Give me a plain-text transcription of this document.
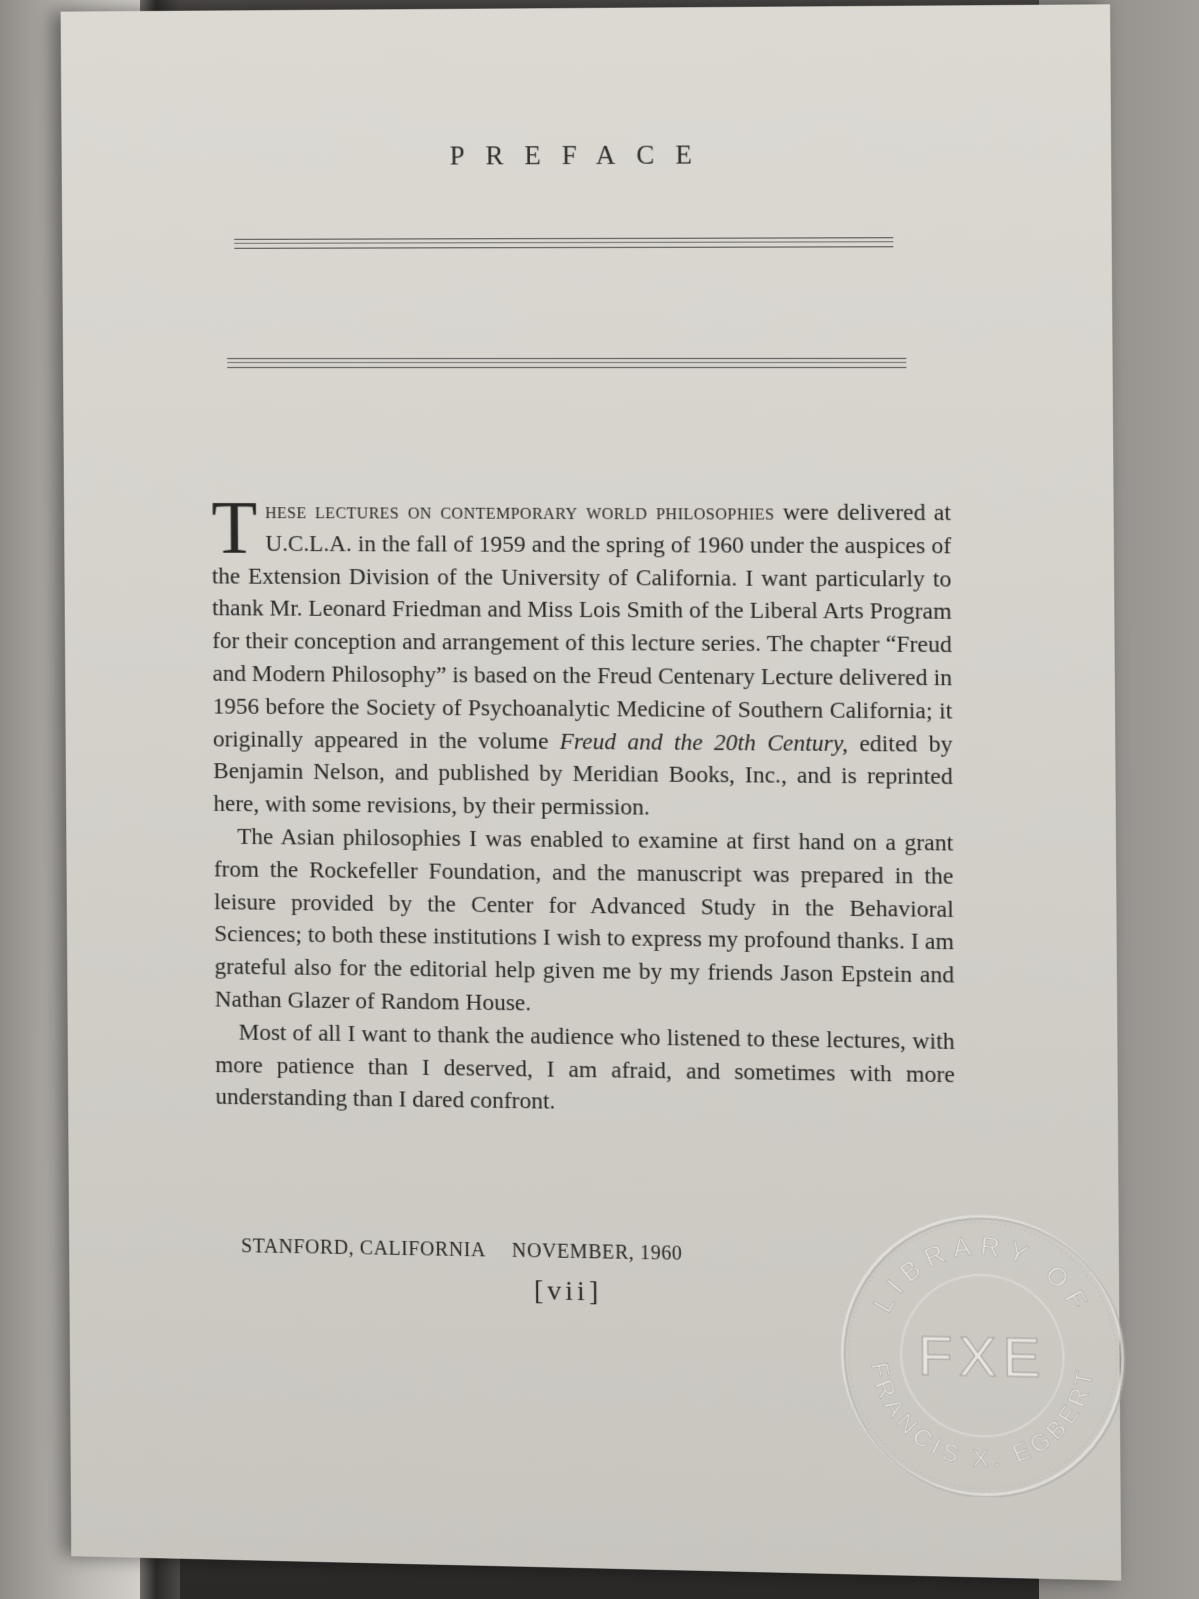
PREFACE

These lectures on contemporary world philosophies were delivered at U.C.L.A. in the fall of 1959 and the spring of 1960 under the auspices of the Extension Division of the University of California. I want particularly to thank Mr. Leonard Friedman and Miss Lois Smith of the Liberal Arts Program for their conception and arrangement of this lecture series. The chapter “Freud and Modern Philosophy” is based on the Freud Centenary Lecture delivered in 1956 before the Society of Psychoanalytic Medicine of Southern California; it originally appeared in the volume Freud and the 20th Century, edited by Benjamin Nelson, and published by Meridian Books, Inc., and is reprinted here, with some revisions, by their permission.

The Asian philosophies I was enabled to examine at first hand on a grant from the Rockefeller Foundation, and the manuscript was prepared in the leisure provided by the Center for Advanced Study in the Behavioral Sciences; to both these institutions I wish to express my profound thanks. I am grateful also for the editorial help given me by my friends Jason Epstein and Nathan Glazer of Random House.

Most of all I want to thank the audience who listened to these lectures, with more patience than I deserved, I am afraid, and sometimes with more understanding than I dared confront.

STANFORD, CALIFORNIA NOVEMBER, 1960
[vii]	LIBRARY OF
FXE
FRANCIS X. EGBERT
